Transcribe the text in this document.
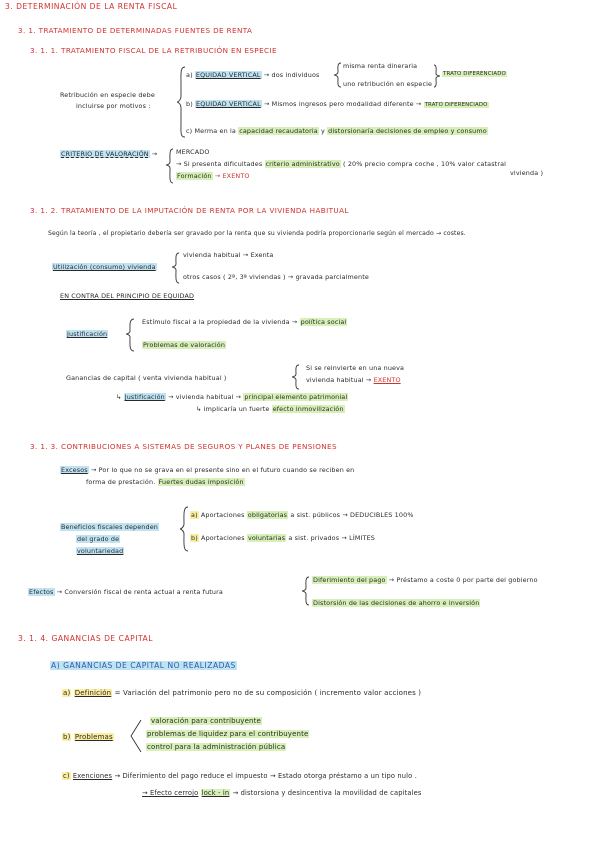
3. DETERMINACIÓN DE LA RENTA FISCAL
3. 1. TRATAMIENTO DE DETERMINADAS FUENTES DE RENTA
3. 1. 1. TRATAMIENTO FISCAL DE LA RETRIBUCIÓN EN ESPECIE
Retribución en especie debe
incluirse por motivos :
a) EQUIDAD VERTICAL → dos individuos
misma renta dineraria
uno retribución en especie
TRATO DIFERENCIADO
b) EQUIDAD VERTICAL → Mismos ingresos pero modalidad diferente → TRATO DIFERENCIADO
c) Merma en la capacidad recaudatoria y distorsionaría decisiones de empleo y consumo
CRITERIO DE VALORACIÓN →	MERCADO
→ Si presenta dificultades criterio administrativo ( 20% precio compra coche , 10% valor catastral
vivienda )
Formación → EXENTO
3. 1. 2. TRATAMIENTO DE LA IMPUTACIÓN DE RENTA POR LA VIVIENDA HABITUAL
Según la teoría , el propietario debería ser gravado por la renta que su vivienda podría proporcionarle según el mercado → costes.
Utilización (consumo) vivienda
vivienda habitual → Exenta
otros casos ( 2ª, 3ª viviendas ) → gravada parcialmente
EN CONTRA DEL PRINCIPIO DE EQUIDAD
Justificación
Estímulo fiscal a la propiedad de la vivienda → política social
Problemas de valoración
Ganancias de capital ( venta vivienda habitual )
Si se reinvierte en una nueva
vivienda habitual → EXENTO
↳ Justificación → vivienda habitual → principal elemento patrimonial
↳ implicaría un fuerte efecto inmovilización
3. 1. 3. CONTRIBUCIONES A SISTEMAS DE SEGUROS Y PLANES DE PENSIONES
Excesos → Por lo que no se grava en el presente sino en el futuro cuando se reciben en
forma de prestación. Fuertes dudas imposición
Beneficios fiscales dependen
del grado de
voluntariedad
a) Aportaciones obligatorias a sist. públicos → DEDUCIBLES 100%
b) Aportaciones voluntarias a sist. privados → LÍMITES
Efectos → Conversión fiscal de renta actual a renta futura
Diferimiento del pago → Préstamo a coste 0 por parte del gobierno
Distorsión de las decisiones de ahorro e inversión
3. 1. 4. GANANCIAS DE CAPITAL
A) GANANCIAS DE CAPITAL NO REALIZADAS
a) Definición = Variación del patrimonio pero no de su composición ( incremento valor acciones )
b) Problemas
valoración para contribuyente
problemas de liquidez para el contribuyente
control para la administración pública
c) Exenciones → Diferimiento del pago reduce el impuesto → Estado otorga préstamo a un tipo nulo .
→ Efecto cerrojo lock - in → distorsiona y desincentiva la movilidad de capitales
